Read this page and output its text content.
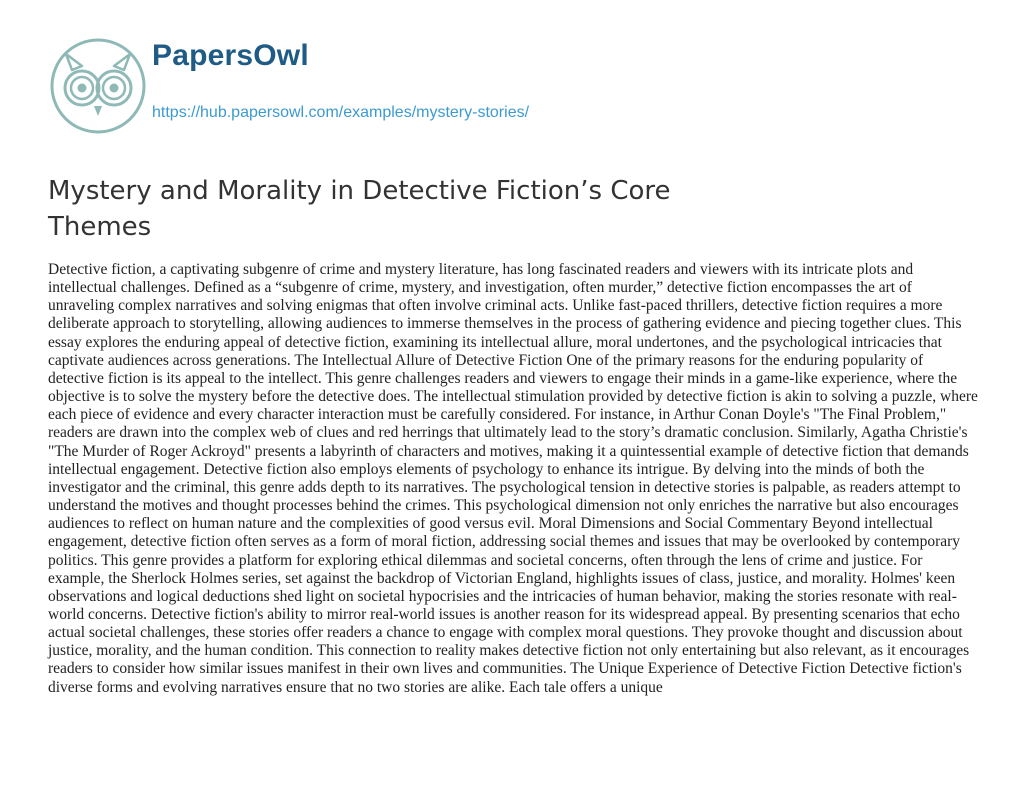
PapersOwl
https://hub.papersowl.com/examples/mystery-stories/
Mystery and Morality in Detective Fiction’s Core Themes

Detective fiction, a captivating subgenre of crime and mystery literature, has long fascinated readers and viewers with its intricate plots and intellectual challenges. Defined as a “subgenre of crime, mystery, and investigation, often murder,” detective fiction encompasses the art of unraveling complex narratives and solving enigmas that often involve criminal acts. Unlike fast-paced thrillers, detective fiction requires a more deliberate approach to storytelling, allowing audiences to immerse themselves in the process of gathering evidence and piecing together clues. This essay explores the enduring appeal of detective fiction, examining its intellectual allure, moral undertones, and the psychological intricacies that captivate audiences across generations. The Intellectual Allure of Detective Fiction One of the primary reasons for the enduring popularity of detective fiction is its appeal to the intellect. This genre challenges readers and viewers to engage their minds in a game-like experience, where the objective is to solve the mystery before the detective does. The intellectual stimulation provided by detective fiction is akin to solving a puzzle, where each piece of evidence and every character interaction must be carefully considered. For instance, in Arthur Conan Doyle's "The Final Problem," readers are drawn into the complex web of clues and red herrings that ultimately lead to the story’s dramatic conclusion. Similarly, Agatha Christie's "The Murder of Roger Ackroyd" presents a labyrinth of characters and motives, making it a quintessential example of detective fiction that demands intellectual engagement. Detective fiction also employs elements of psychology to enhance its intrigue. By delving into the minds of both the investigator and the criminal, this genre adds depth to its narratives. The psychological tension in detective stories is palpable, as readers attempt to understand the motives and thought processes behind the crimes. This psychological dimension not only enriches the narrative but also encourages audiences to reflect on human nature and the complexities of good versus evil. Moral Dimensions and Social Commentary Beyond intellectual engagement, detective fiction often serves as a form of moral fiction, addressing social themes and issues that may be overlooked by contemporary politics. This genre provides a platform for exploring ethical dilemmas and societal concerns, often through the lens of crime and justice. For example, the Sherlock Holmes series, set against the backdrop of Victorian England, highlights issues of class, justice, and morality. Holmes' keen observations and logical deductions shed light on societal hypocrisies and the intricacies of human behavior, making the stories resonate with real-world concerns. Detective fiction's ability to mirror real-world issues is another reason for its widespread appeal. By presenting scenarios that echo actual societal challenges, these stories offer readers a chance to engage with complex moral questions. They provoke thought and discussion about justice, morality, and the human condition. This connection to reality makes detective fiction not only entertaining but also relevant, as it encourages readers to consider how similar issues manifest in their own lives and communities. The Unique Experience of Detective Fiction Detective fiction's diverse forms and evolving narratives ensure that no two stories are alike. Each tale offers a unique
